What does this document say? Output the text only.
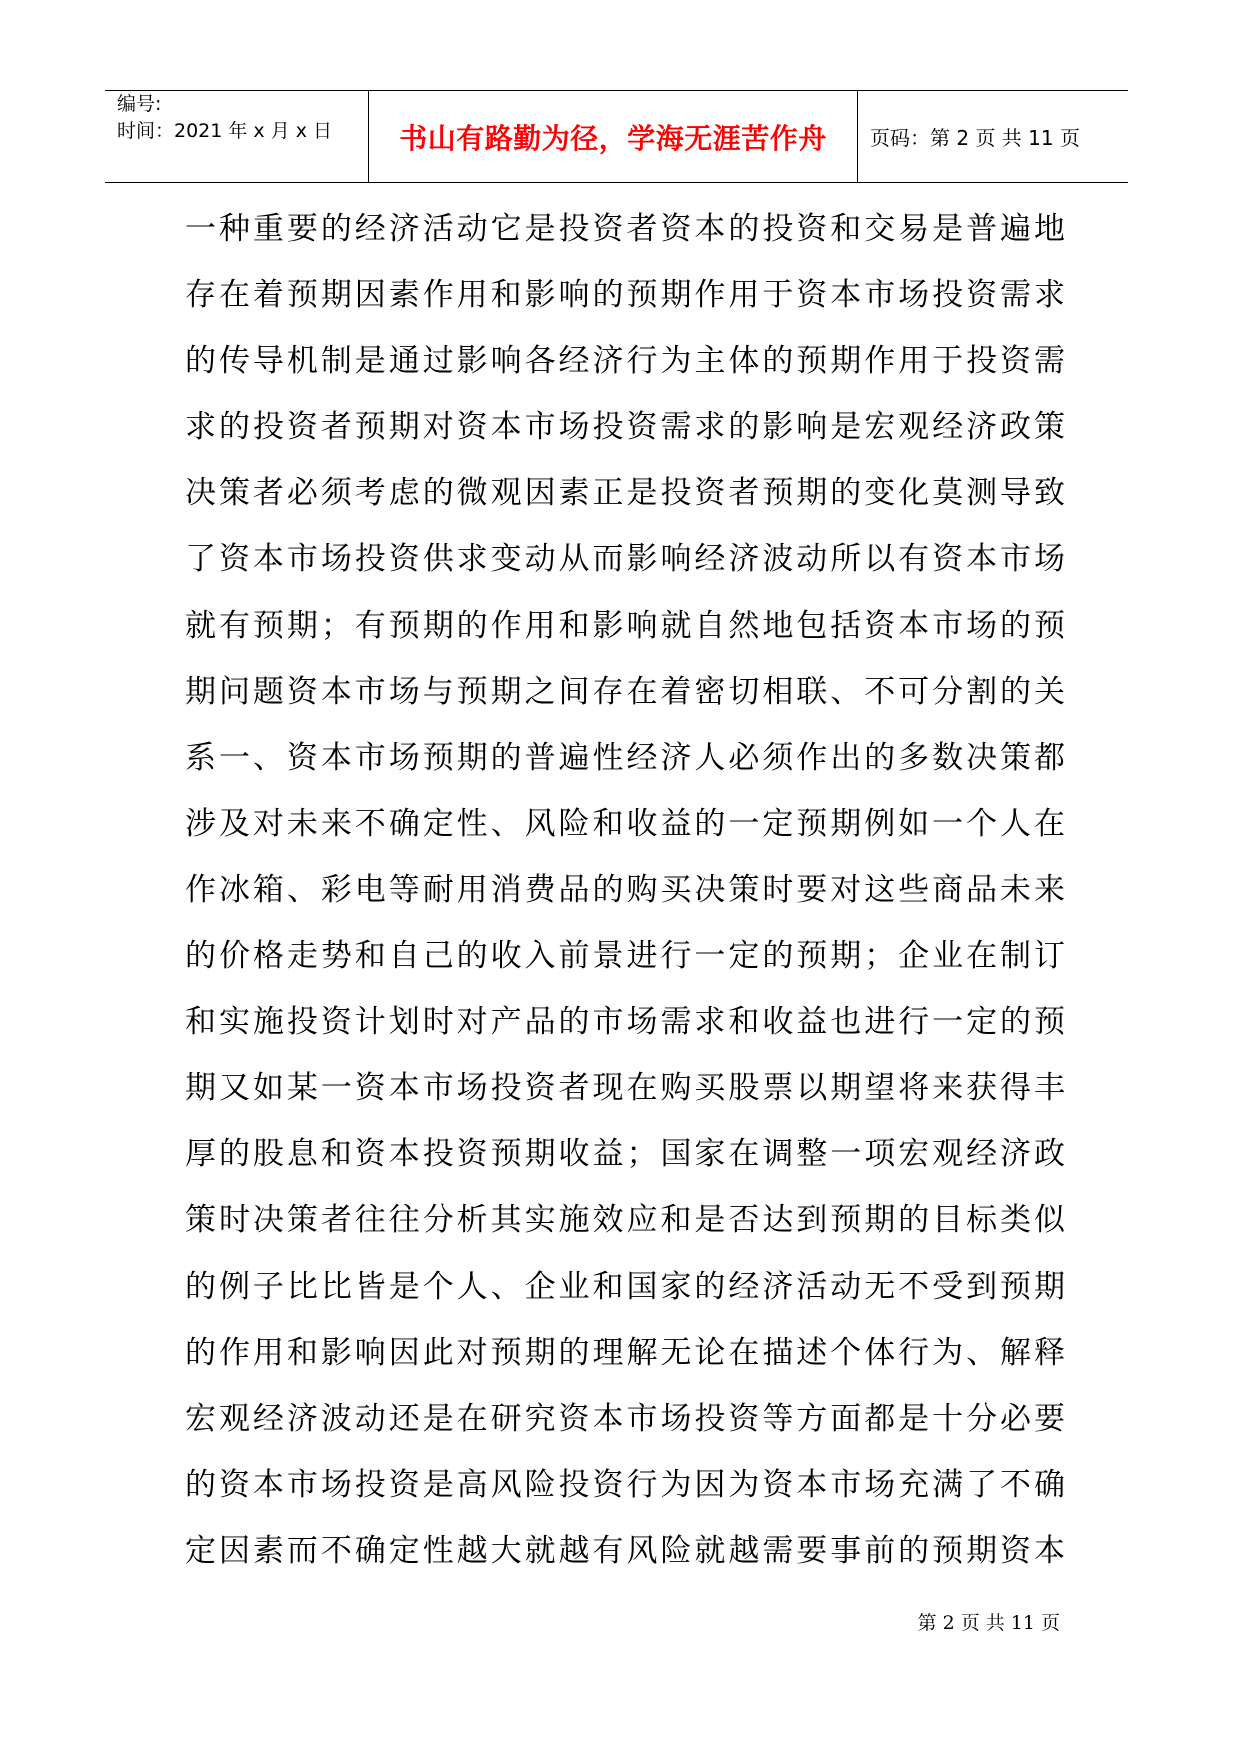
编号:
时间：2021 年 x 月 x 日 书山有路勤为径，学海无涯苦作舟 页码：第 2 页 共 11 页
一种重要的经济活动它是投资者资本的投资和交易是普遍地
存在着预期因素作用和影响的预期作用于资本市场投资需求
的传导机制是通过影响各经济行为主体的预期作用于投资需
求的投资者预期对资本市场投资需求的影响是宏观经济政策
决策者必须考虑的微观因素正是投资者预期的变化莫测导致
了资本市场投资供求变动从而影响经济波动所以有资本市场
就有预期；有预期的作用和影响就自然地包括资本市场的预
期问题资本市场与预期之间存在着密切相联、不可分割的关
系一、资本市场预期的普遍性经济人必须作出的多数决策都
涉及对未来不确定性、风险和收益的一定预期例如一个人在
作冰箱、彩电等耐用消费品的购买决策时要对这些商品未来
的价格走势和自己的收入前景进行一定的预期；企业在制订
和实施投资计划时对产品的市场需求和收益也进行一定的预
期又如某一资本市场投资者现在购买股票以期望将来获得丰
厚的股息和资本投资预期收益；国家在调整一项宏观经济政
策时决策者往往分析其实施效应和是否达到预期的目标类似
的例子比比皆是个人、企业和国家的经济活动无不受到预期
的作用和影响因此对预期的理解无论在描述个体行为、解释
宏观经济波动还是在研究资本市场投资等方面都是十分必要
的资本市场投资是高风险投资行为因为资本市场充满了不确
定因素而不确定性越大就越有风险就越需要事前的预期资本
第 2 页 共 11 页
